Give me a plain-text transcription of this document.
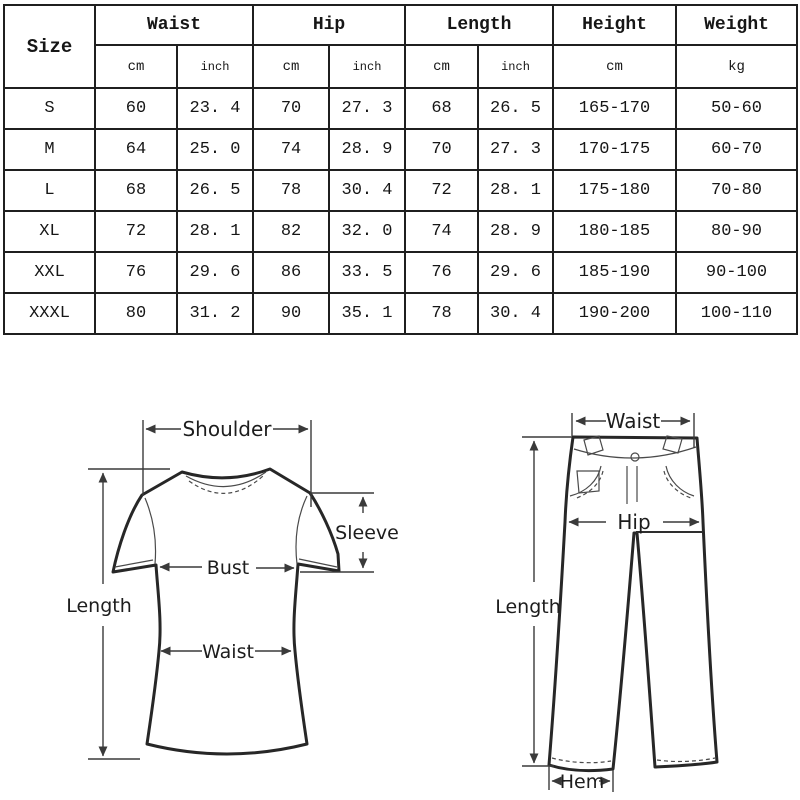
Size	Waist		Hip		Length		Height	Weight
	cm	inch	cm	inch	cm	inch	cm	kg
S	60	23. 4	70	27. 3	68	26. 5	165-170	50-60
M	64	25. 0	74	28. 9	70	27. 3	170-175	60-70
L	68	26. 5	78	30. 4	72	28. 1	175-180	70-80
XL	72	28. 1	82	32. 0	74	28. 9	180-185	80-90
XXL	76	29. 6	86	33. 5	76	29. 6	185-190	90-100
XXXL	80	31. 2	90	35. 1	78	30. 4	190-200	100-110
Shoulder
Length
Sleeve
Bust
Waist
Waist
Hip
Length
Hem
